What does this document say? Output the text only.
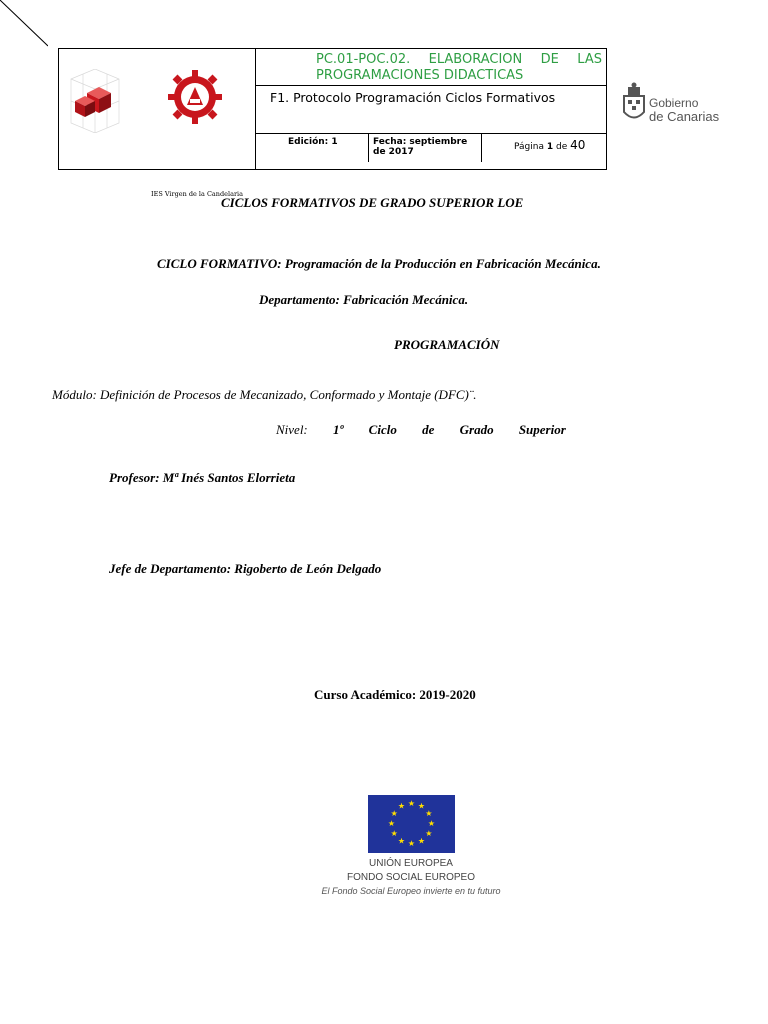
IES Virgen de la Candelaria

PC.01-POC.02. ELABORACION DE LAS
PROGRAMACIONES DIDACTICAS
F1. Protocolo Programación Ciclos Formativos
Edición: 1	Fecha: septiembre de 2017	Página 1 de 40

Gobierno
de Canarias
CICLOS FORMATIVOS DE GRADO SUPERIOR LOE
CICLO FORMATIVO: Programación de la Producción en Fabricación Mecánica.
Departamento: Fabricación Mecánica.
PROGRAMACIÓN
Módulo: Definición de Procesos de Mecanizado, Conformado y Montaje (DFC)¨.
Nivel: 1º Ciclo de Grado Superior
Profesor: Mª Inés Santos Elorrieta
Jefe de Departamento: Rigoberto de León Delgado
Curso Académico: 2019-2020
★ ★
★
★
★
★
★
★
★
★
★
★
UNIÓN EUROPEA
FONDO SOCIAL EUROPEO
El Fondo Social Europeo invierte en tu futuro
